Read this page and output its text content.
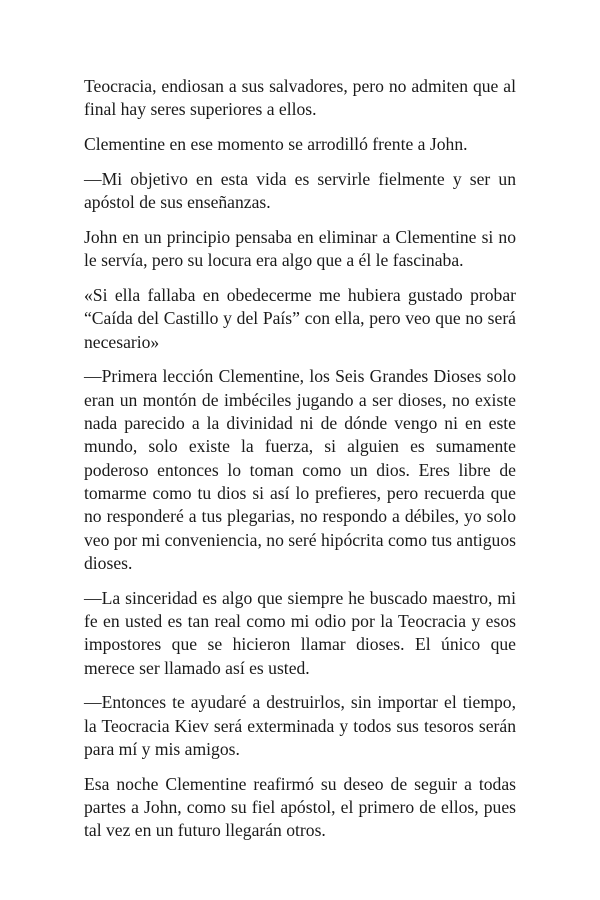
Teocracia, endiosan a sus salvadores, pero no admiten que al final hay seres superiores a ellos.

Clementine en ese momento se arrodilló frente a John.

—Mi objetivo en esta vida es servirle fielmente y ser un apóstol de sus enseñanzas.

John en un principio pensaba en eliminar a Clementine si no le servía, pero su locura era algo que a él le fascinaba.

«Si ella fallaba en obedecerme me hubiera gustado probar “Caída del Castillo y del País” con ella, pero veo que no será necesario»

—Primera lección Clementine, los Seis Grandes Dioses solo eran un montón de imbéciles jugando a ser dioses, no existe nada parecido a la divinidad ni de dónde vengo ni en este mundo, solo existe la fuerza, si alguien es sumamente poderoso entonces lo toman como un dios. Eres libre de tomarme como tu dios si así lo prefieres, pero recuerda que no responderé a tus plegarias, no respondo a débiles, yo solo veo por mi conveniencia, no seré hipócrita como tus antiguos dioses.

—La sinceridad es algo que siempre he buscado maestro, mi fe en usted es tan real como mi odio por la Teocracia y esos impostores que se hicieron llamar dioses. El único que merece ser llamado así es usted.

—Entonces te ayudaré a destruirlos, sin importar el tiempo, la Teocracia Kiev será exterminada y todos sus tesoros serán para mí y mis amigos.

Esa noche Clementine reafirmó su deseo de seguir a todas partes a John, como su fiel apóstol, el primero de ellos, pues tal vez en un futuro llegarán otros.
